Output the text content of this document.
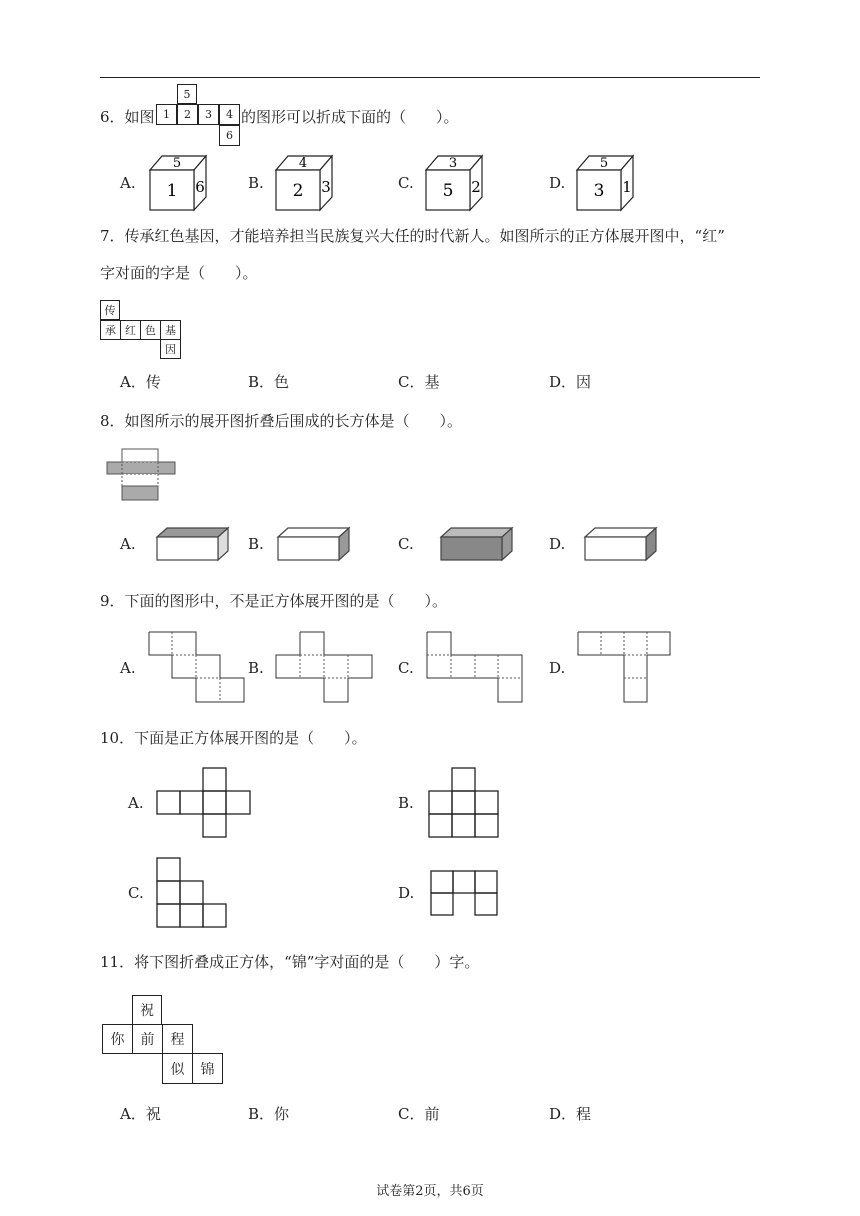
6．如图
5
1	2	3	4
6
的图形可以折成下面的（　　）。
A.	B.	C.	D.
5
1 6
4
2 3
3
5 2
5
3 1
7．传承红色基因，才能培养担当民族复兴大任的时代新人。如图所示的正方体展开图中，“红”
字对面的字是（　　）。
传
承 红 色 基
因
A．传	B．色	C．基	D．因
8．如图所示的展开图折叠后围成的长方体是（　　）。
A.	B.	C.	D.
9．下面的图形中，不是正方体展开图的是（　　）。
A.	B.	C.	D.
10．下面是正方体展开图的是（　　）。
A.	B.
C.	D.
11．将下图折叠成正方体，“锦”字对面的是（　　）字。
祝
你	前	程
似	锦
A．祝	B．你	C．前	D．程
试卷第2页，共6页
